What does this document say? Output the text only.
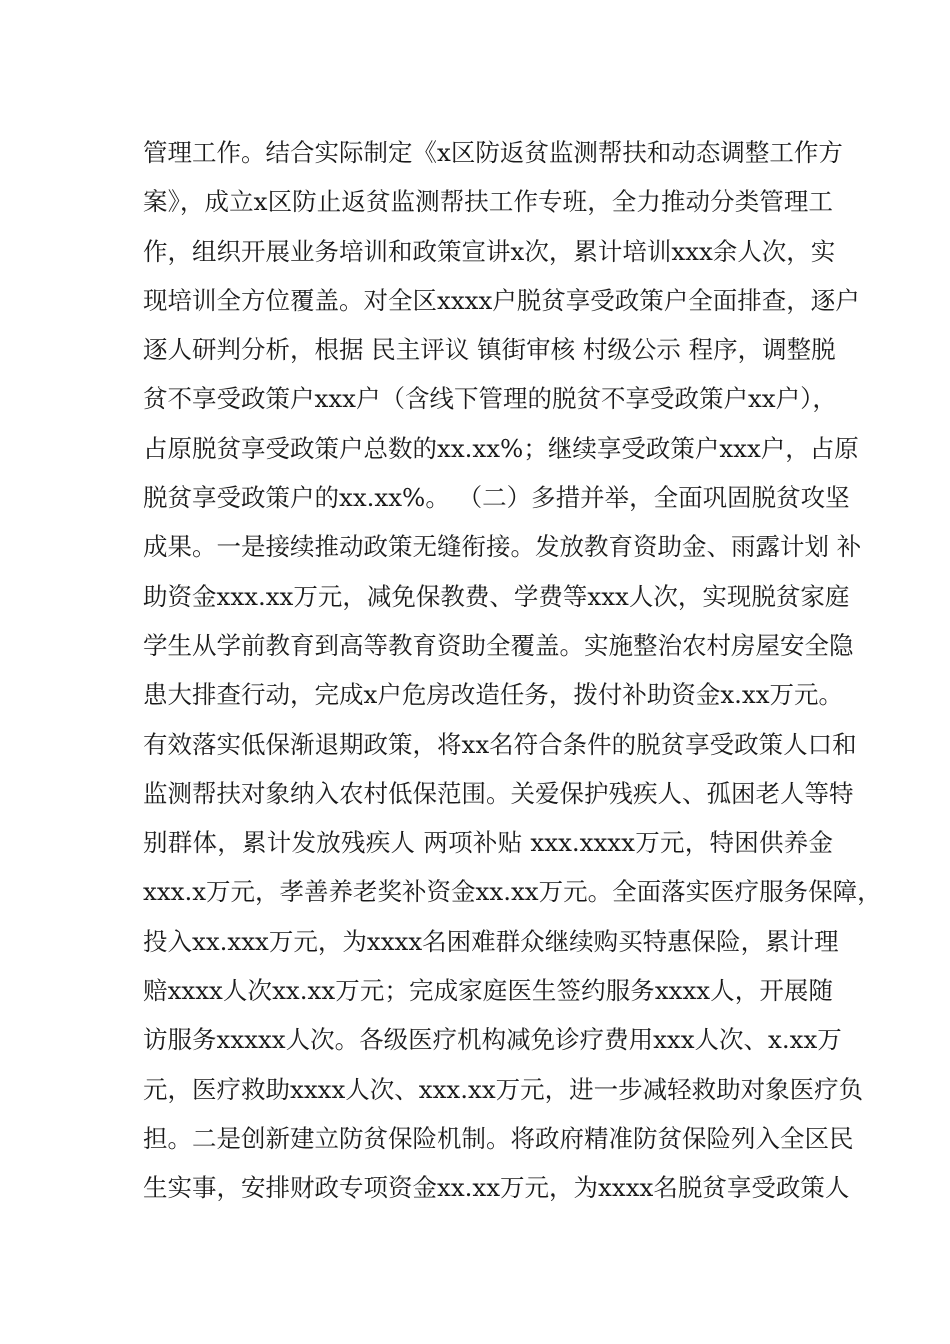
管理工作。结合实际制定《x区防返贫监测帮扶和动态调整工作方
案》，成立x区防止返贫监测帮扶工作专班，全力推动分类管理工
作，组织开展业务培训和政策宣讲x次，累计培训xxx余人次，实
现培训全方位覆盖。对全区xxxx户脱贫享受政策户全面排查，逐户
逐人研判分析，根据 民主评议 镇街审核 村级公示 程序，调整脱
贫不享受政策户xxx户（含线下管理的脱贫不享受政策户xx户），
占原脱贫享受政策户总数的xx.xx%；继续享受政策户xxx户，占原
脱贫享受政策户的xx.xx%。 （二）多措并举，全面巩固脱贫攻坚
成果。一是接续推动政策无缝衔接。发放教育资助金、雨露计划 补
助资金xxx.xx万元，减免保教费、学费等xxx人次，实现脱贫家庭
学生从学前教育到高等教育资助全覆盖。实施整治农村房屋安全隐
患大排查行动，完成x户危房改造任务，拨付补助资金x.xx万元。
有效落实低保渐退期政策，将xx名符合条件的脱贫享受政策人口和
监测帮扶对象纳入农村低保范围。关爱保护残疾人、孤困老人等特
别群体，累计发放残疾人 两项补贴 xxx.xxxx万元，特困供养金
xxx.x万元，孝善养老奖补资金xx.xx万元。全面落实医疗服务保障，
投入xx.xxx万元，为xxxx名困难群众继续购买特惠保险，累计理
赔xxxx人次xx.xx万元；完成家庭医生签约服务xxxx人，开展随
访服务xxxxx人次。各级医疗机构减免诊疗费用xxx人次、x.xx万
元，医疗救助xxxx人次、xxx.xx万元，进一步减轻救助对象医疗负
担。二是创新建立防贫保险机制。将政府精准防贫保险列入全区民
生实事，安排财政专项资金xx.xx万元，为xxxx名脱贫享受政策人
